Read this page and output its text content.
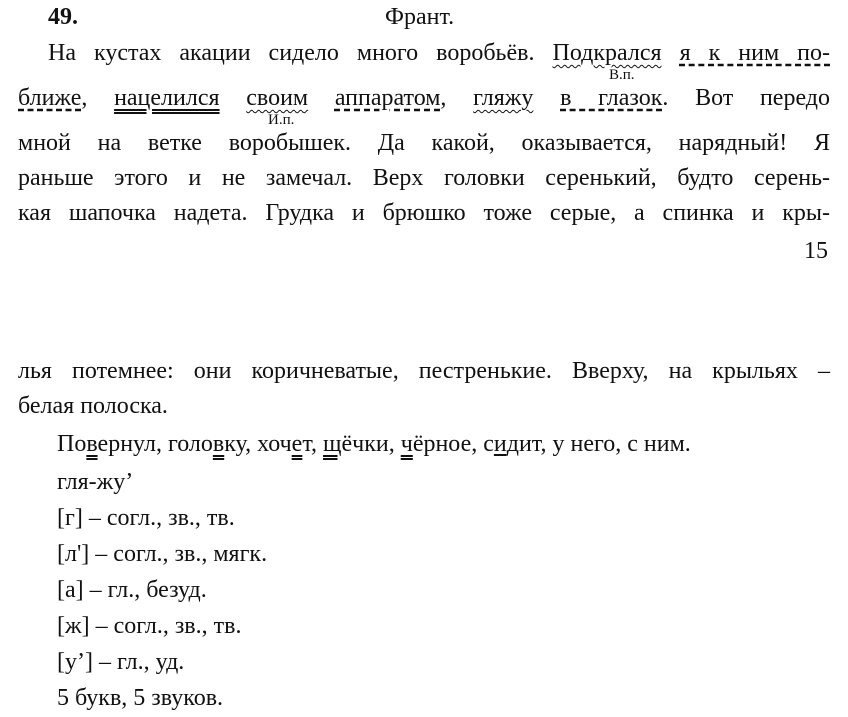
49.	Франт.
На кустах акации сидело много воробьёв. Подкрался я к ним по-
В.п.
ближе, нацелился своим аппаратом, гляжу в глазок. Вот передо
И.п.
мной на ветке воробышек. Да какой, оказывается, нарядный! Я
раньше этого и не замечал. Верх головки серенький, будто серень-
кая шапочка надета. Грудка и брюшко тоже серые, а спинка и кры-
15
лья потемнее: они коричневатые, пестренькие. Вверху, на крыльях –
белая полоска.
Повернул, головку, хочет, щёчки, чёрное, сидит, у него, с ним.
гля-жу’
[г] – согл., зв., тв.
[л'] – согл., зв., мягк.
[а] – гл., безуд.
[ж] – согл., зв., тв.
[у’] – гл., уд.
5 букв, 5 звуков.
